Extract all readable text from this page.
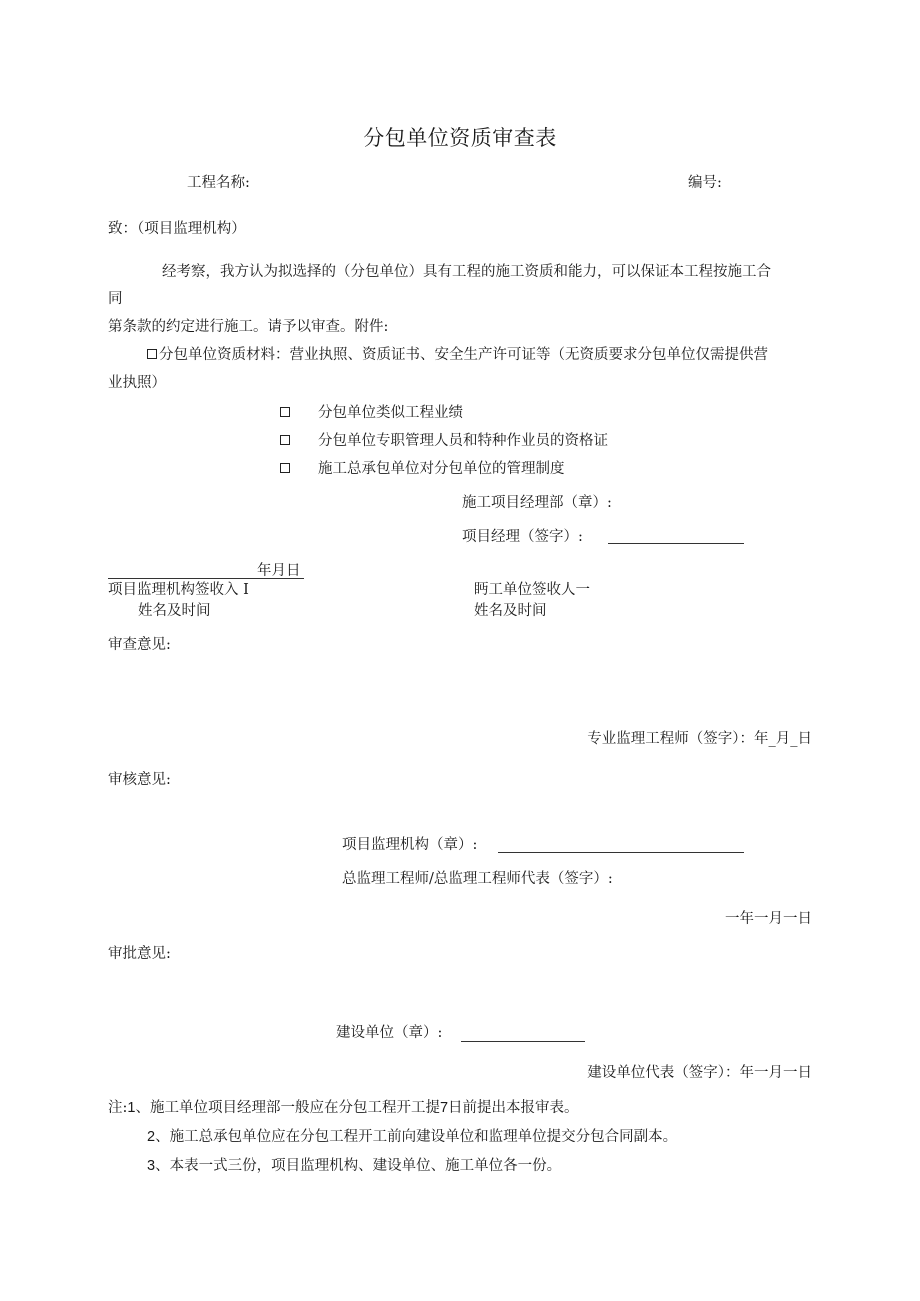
分包单位资质审查表
工程名称:	编号:
致：（项目监理机构）
经考察，我方认为拟选择的（分包单位）具有工程的施工资质和能力，可以保证本工程按施工合
同
第条款的约定进行施工。请予以审查。附件:
分包单位资质材料：营业执照、资质证书、安全生产许可证等（无资质要求分包单位仅需提供营
业执照）
分包单位类似工程业绩
分包单位专职管理人员和特种作业员的资格证
施工总承包单位对分包单位的管理制度
施工项目经理部（章）:
项目经理（签字）:
年月日
项目监理机构签收入 I
姓名及时间
眄工单位签收人一
姓名及时间
审查意见:
专业监理工程师（签字）：年_月_日
审核意见:
项目监理机构（章）:
总监理工程师/总监理工程师代表（签字）:
一年一月一日
审批意见:
建设单位（章）:
建设单位代表（签字）：年一月一日
注:1、施工单位项目经理部一般应在分包工程开工提7日前提出本报审表。
2、施工总承包单位应在分包工程开工前向建设单位和监理单位提交分包合同副本。
3、本表一式三份，项目监理机构、建设单位、施工单位各一份。
